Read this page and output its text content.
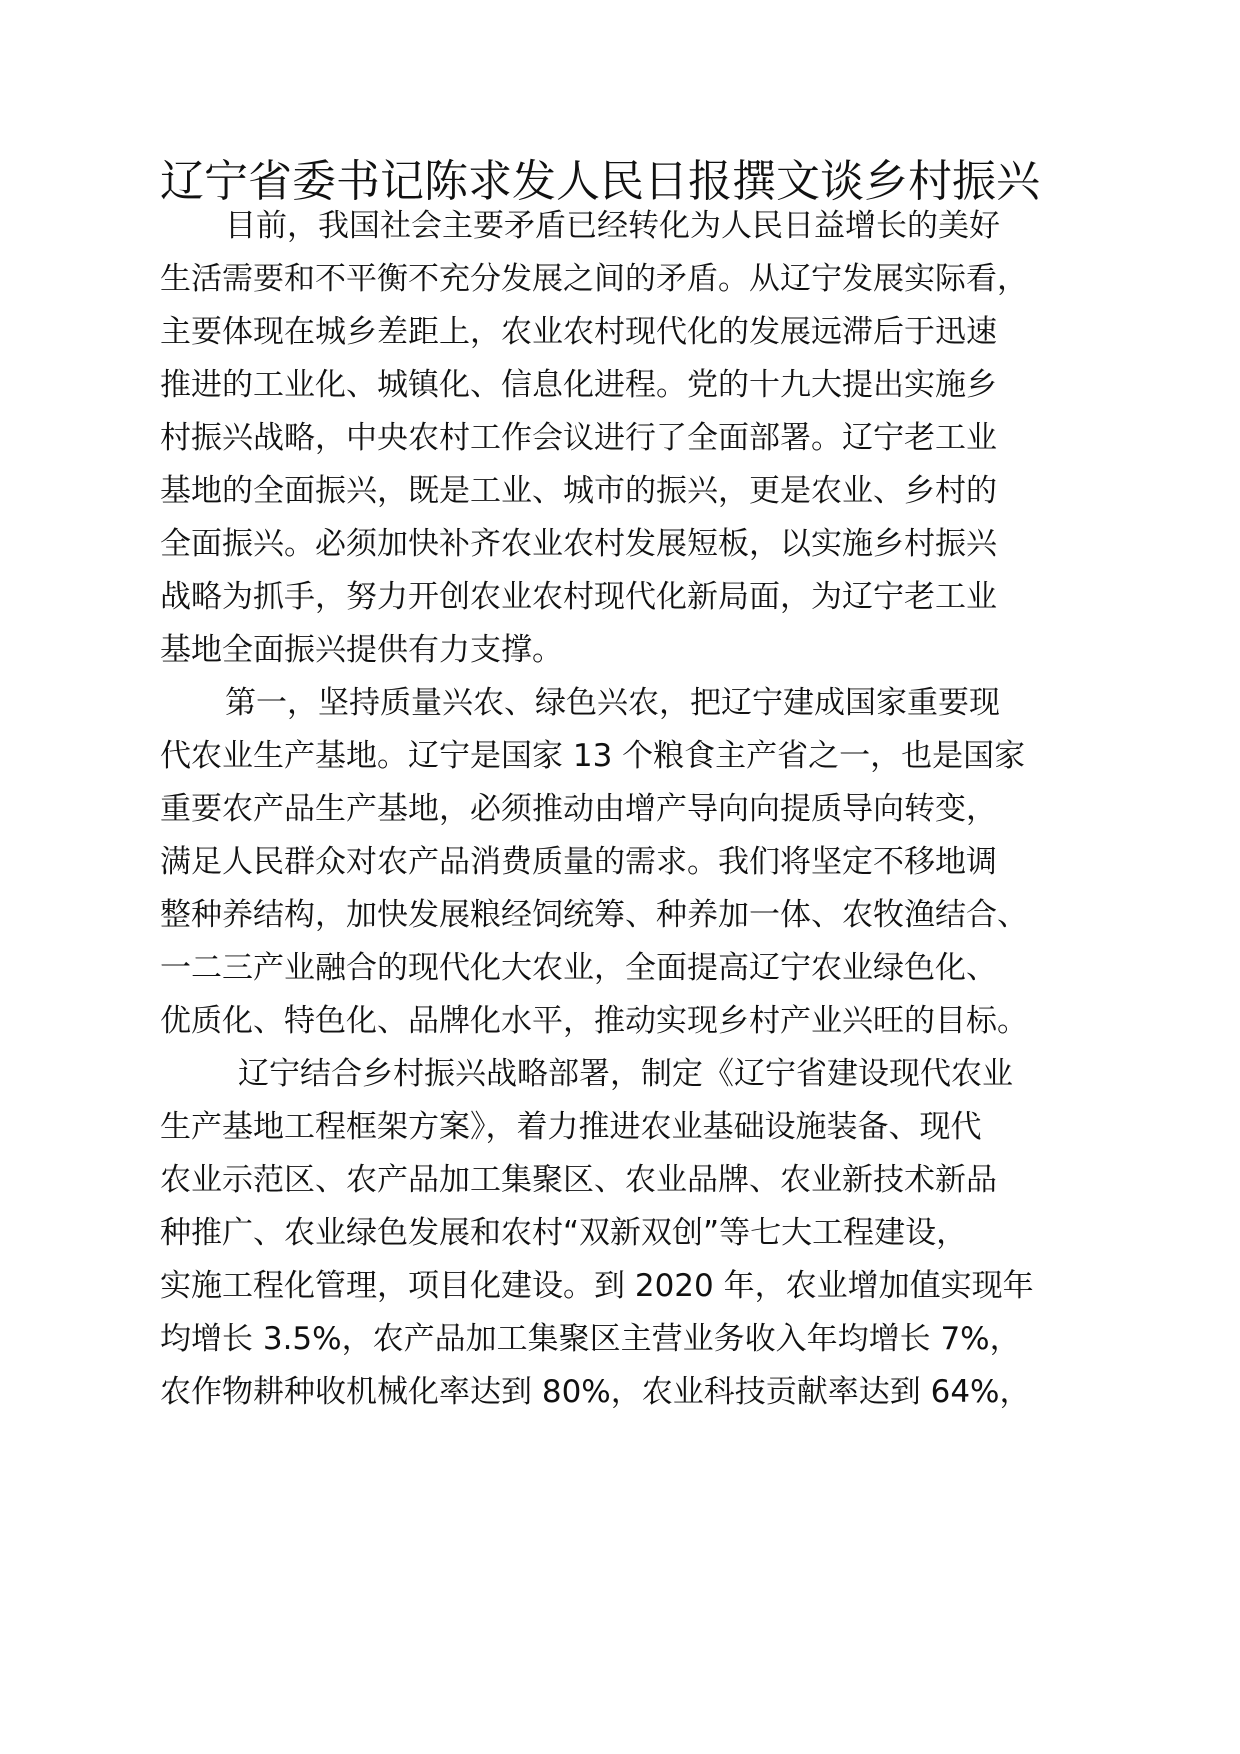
辽宁省委书记陈求发人民日报撰文谈乡村振兴
目前，我国社会主要矛盾已经转化为人民日益增长的美好
生活需要和不平衡不充分发展之间的矛盾。从辽宁发展实际看，
主要体现在城乡差距上，农业农村现代化的发展远滞后于迅速
推进的工业化、城镇化、信息化进程。党的十九大提出实施乡
村振兴战略，中央农村工作会议进行了全面部署。辽宁老工业
基地的全面振兴，既是工业、城市的振兴，更是农业、乡村的
全面振兴。必须加快补齐农业农村发展短板，以实施乡村振兴
战略为抓手，努力开创农业农村现代化新局面，为辽宁老工业
基地全面振兴提供有力支撑。
第一，坚持质量兴农、绿色兴农，把辽宁建成国家重要现
代农业生产基地。辽宁是国家 13 个粮食主产省之一，也是国家
重要农产品生产基地，必须推动由增产导向向提质导向转变，
满足人民群众对农产品消费质量的需求。我们将坚定不移地调
整种养结构，加快发展粮经饲统筹、种养加一体、农牧渔结合、
一二三产业融合的现代化大农业，全面提高辽宁农业绿色化、
优质化、特色化、品牌化水平，推动实现乡村产业兴旺的目标。
辽宁结合乡村振兴战略部署，制定《辽宁省建设现代农业
生产基地工程框架方案》，着力推进农业基础设施装备、现代
农业示范区、农产品加工集聚区、农业品牌、农业新技术新品
种推广、农业绿色发展和农村“双新双创”等七大工程建设，
实施工程化管理，项目化建设。到 2020 年，农业增加值实现年
均增长 3.5%，农产品加工集聚区主营业务收入年均增长 7%，
农作物耕种收机械化率达到 80%，农业科技贡献率达到 64%，
